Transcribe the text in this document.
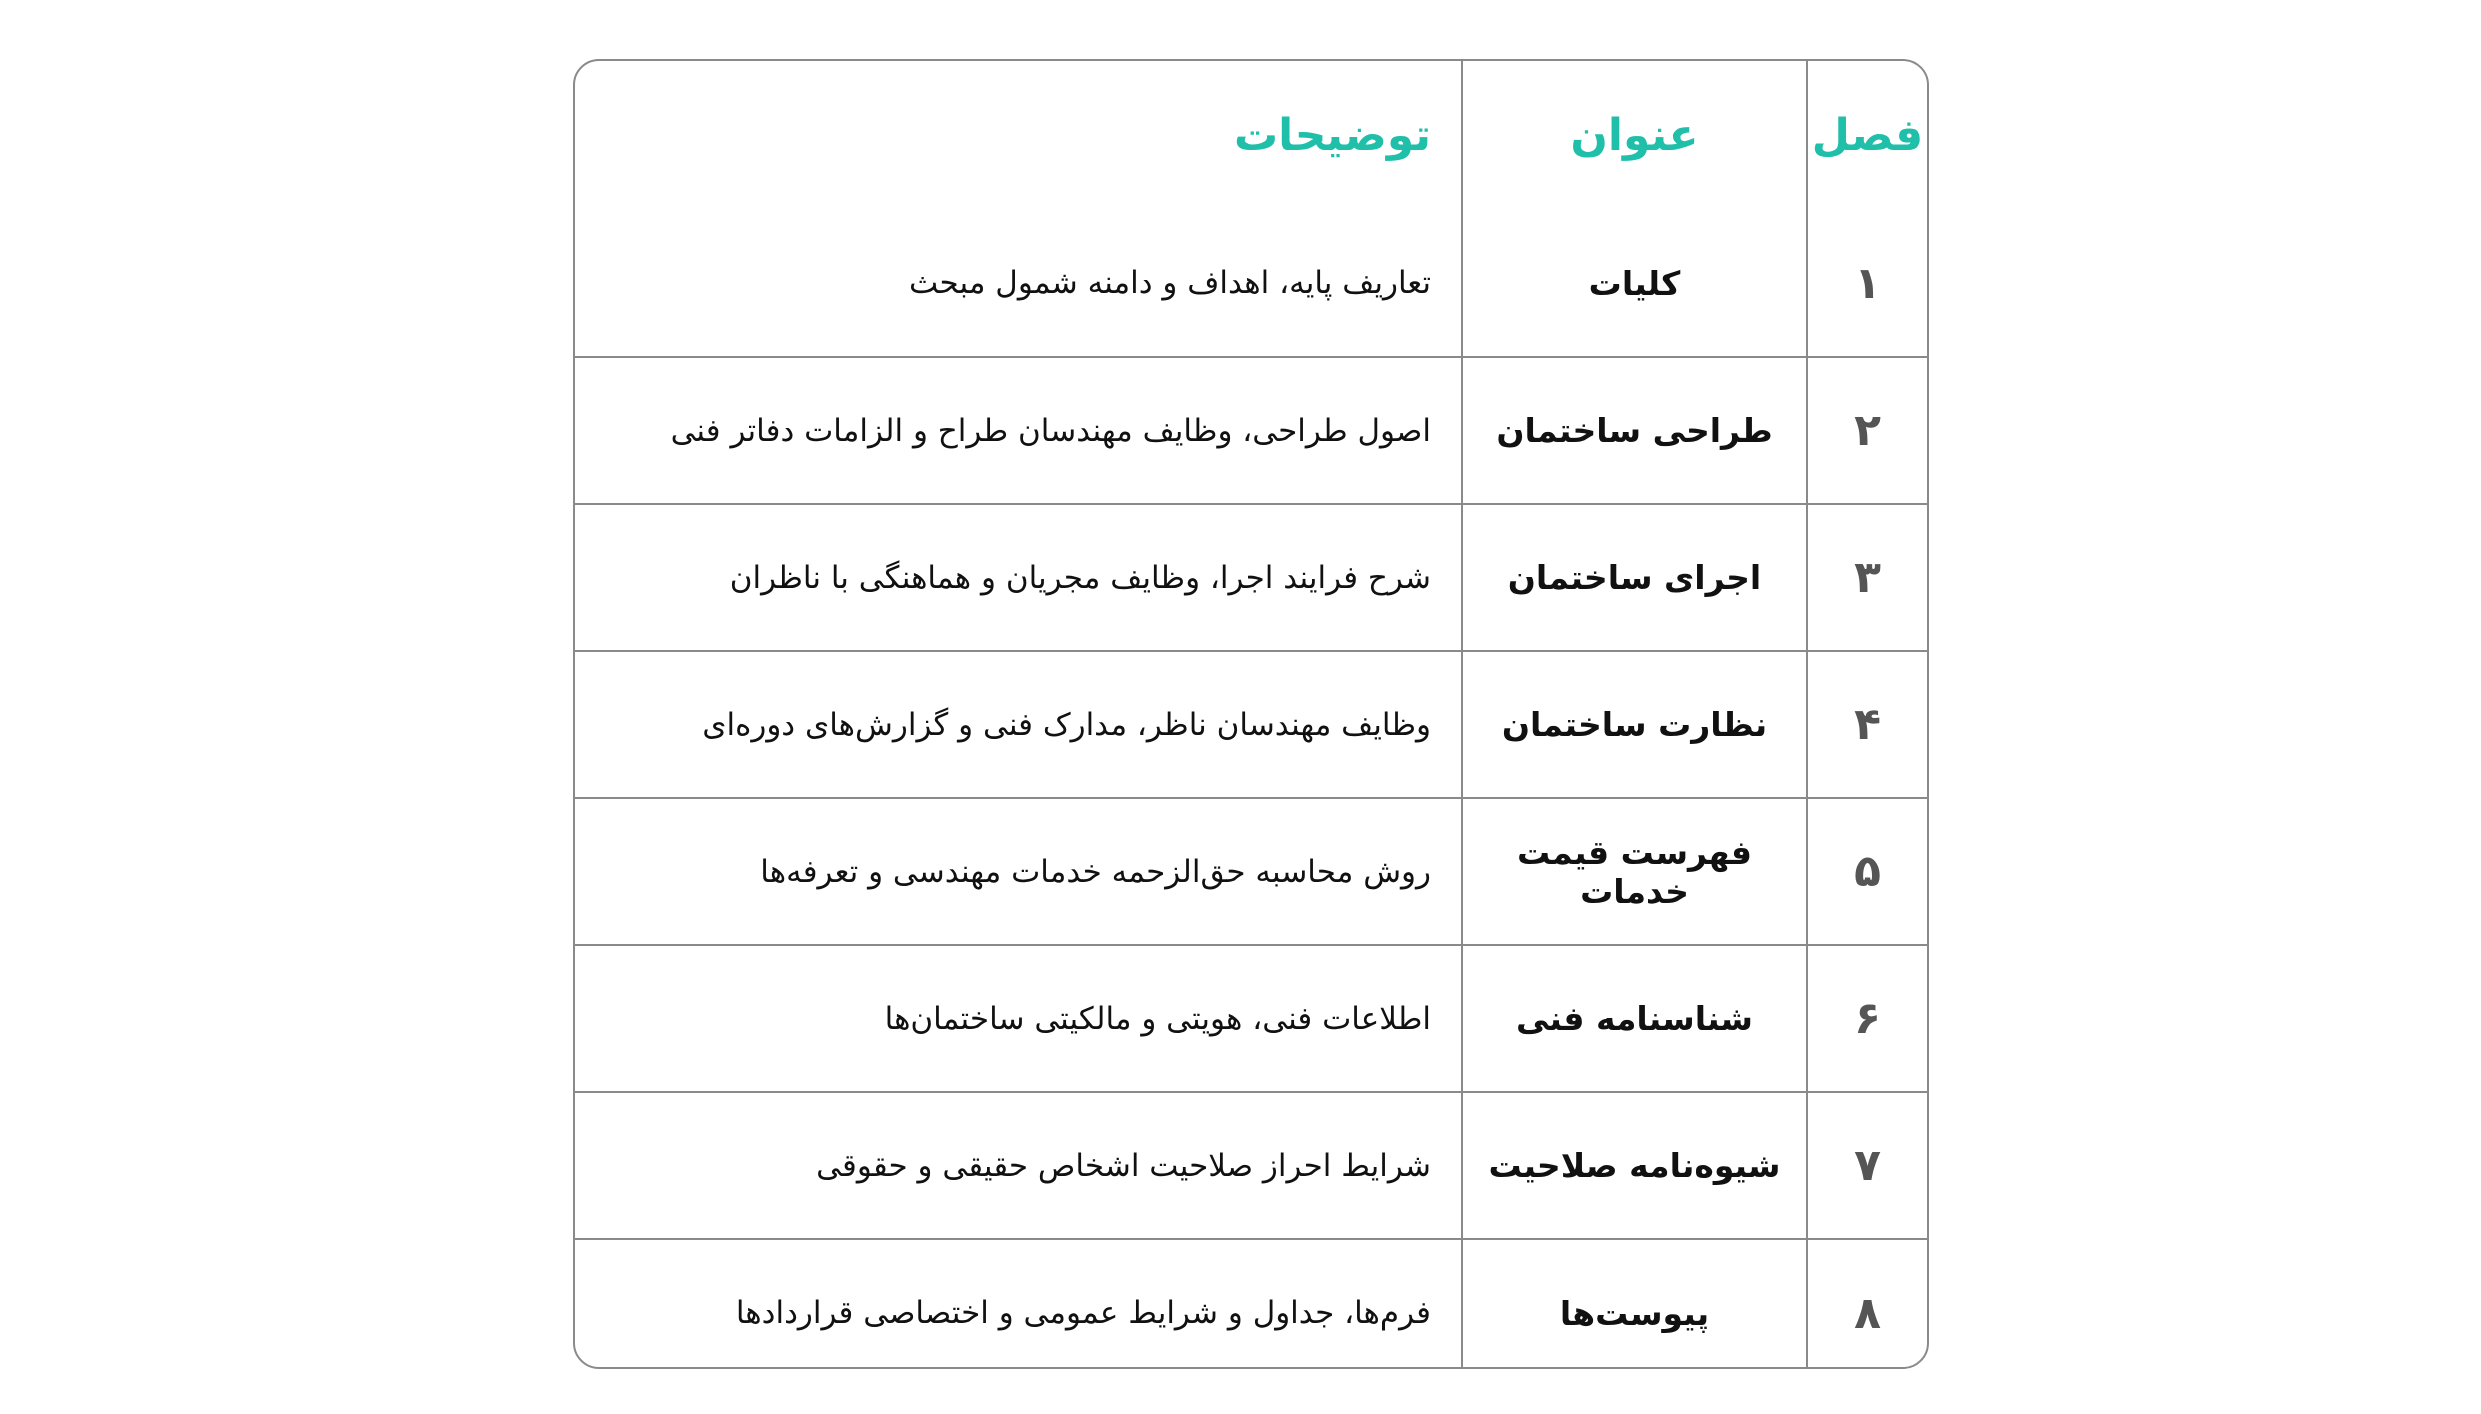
فصل	عنوان	توضیحات
۱	کلیات	تعاریف پایه، اهداف و دامنه شمول مبحث
۲	طراحی ساختمان	اصول طراحی، وظایف مهندسان طراح و الزامات دفاتر فنی
۳	اجرای ساختمان	شرح فرایند اجرا، وظایف مجریان و هماهنگی با ناظران
۴	نظارت ساختمان	وظایف مهندسان ناظر، مدارک فنی و گزارش‌های دوره‌ای
۵	فهرست قیمت خدمات	روش محاسبه حق‌الزحمه خدمات مهندسی و تعرفه‌ها
۶	شناسنامه فنی	اطلاعات فنی، هویتی و مالکیتی ساختمان‌ها
۷	شیوه‌نامه صلاحیت	شرایط احراز صلاحیت اشخاص حقیقی و حقوقی
۸	پیوست‌ها	فرم‌ها، جداول و شرایط عمومی و اختصاصی قراردادها
